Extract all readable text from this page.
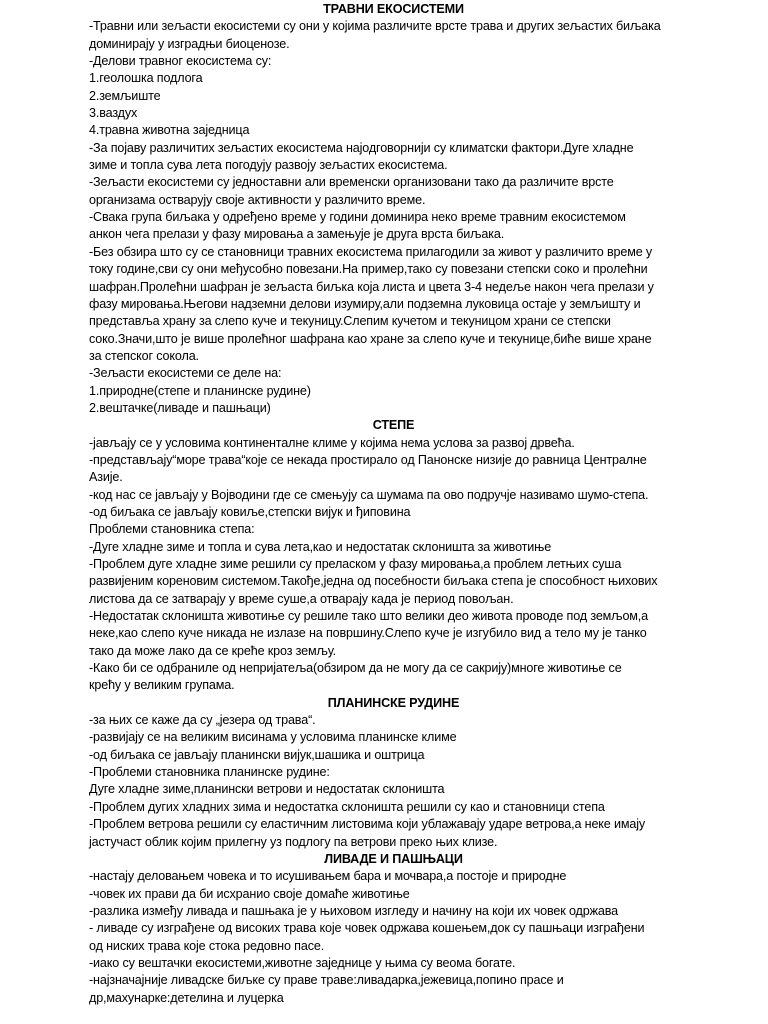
ТРАВНИ ЕКОСИСТЕМИ
-Травни или зељасти екосистеми су они у којима различите врсте трава и других зељастих биљака
доминирају у изградњи биоценозе.
-Делови травног екосистема су:
1.геолошка подлога
2.земљиште
3.ваздух
4.травна животна заједница
-За појаву различитих зељастих екосистема најодговорнији су климатски фактори.Дуге хладне
зиме и топла сува лета погодују развоју зељастих екосистема.
-Зељасти екосистеми су једноставни али временски организовани тако да различите врсте
организама остварују своје активности у различито време.
-Свака група биљака у одређено време у години доминира неко време травним екосистемом
анкон чега прелази у фазу мировања а замењује је друга врста биљака.
-Без обзира што су се становници травних екосистема прилагодили за живот у различито време у
току године,сви су они међусобно повезани.На пример,тако су повезани степски соко и пролећни
шафран.Пролећни шафран је зељаста биљка која листа и цвета 3-4 недеље након чега прелази у
фазу мировања.Његови надземни делови изумиру,али подземна луковица остаје у земљишту и
представља храну за слепо куче и текуницу.Слепим кучетом и текуницом храни се степски
соко.Значи,што је више пролећног шафрана као хране за слепо куче и текунице,биће више хране
за степског сокола.
-Зељасти екосистеми се деле на:
1.природне(степе и планинске рудине)
2.вештачке(ливаде и пашњаци)
СТЕПЕ
-јављају се у условима континенталне климе у којима нема услова за развој дрвећа.
-представљају“море трава“које се некада простирало од Панонске низије до равница Централне
Азије.
-код нас се јављају у Војводини где се смењују са шумама па ово подручје називамо шумо-степа.
-од биљака се јављају ковиље,степски вијук и ђиповина
Проблеми становника степа:
-Дуге хладне зиме и топла и сува лета,као и недостатак склоништа за животиње
-Проблем дуге хладне зиме решили су преласком у фазу мировања,а проблем летњих суша
развијеним кореновим системом.Такође,једна од посебности биљака степа је способност њихових
листова да се затварају у време суше,а отварају када је период повољан.
-Недостатак склоништа животиње су решиле тако што велики део живота проводе под земљом,а
неке,као слепо куче никада не излазе на површину.Слепо куче је изгубило вид а тело му је танко
тако да може лако да се креће кроз земљу.
-Како би се одбраниле од непријатеља(обзиром да не могу да се сакрију)многе животиње се
крећу у великим групама.
ПЛАНИНСКЕ РУДИНЕ
-за њих се каже да су „језера од трава“.
-развијају се на великим висинама у условима планинске климе
-од биљака се јављају планински вијук,шашика и оштрица
-Проблеми становника планинске рудине:
Дуге хладне зиме,планински ветрови и недостатак склоништа
-Проблем дугих хладних зима и недостатка склоништа решили су као и становници степа
-Проблем ветрова решили су еластичним листовима који ублажавају ударе ветрова,а неке имају
јастучаст облик којим прилегну уз подлогу па ветрови преко њих клизе.
ЛИВАДЕ И ПАШЊАЦИ
-настају деловањем човека и то исушивањем бара и мочвара,а постоје и природне
-човек их прави да би исхранио своје домаће животиње
-разлика између ливада и пашњака је у њиховом изгледу и начину на који их човек одржава
- ливаде су изграђене од високих трава које човек одржава кошењем,док су пашњаци изграђени
од ниских трава које стока редовно пасе.
-иако су вештачки екосистеми,животне заједнице у њима су веома богате.
-најзначајније ливадске биљке су праве траве:ливадарка,јежевица,попино прасе и
др,махунарке:детелина и луцерка
